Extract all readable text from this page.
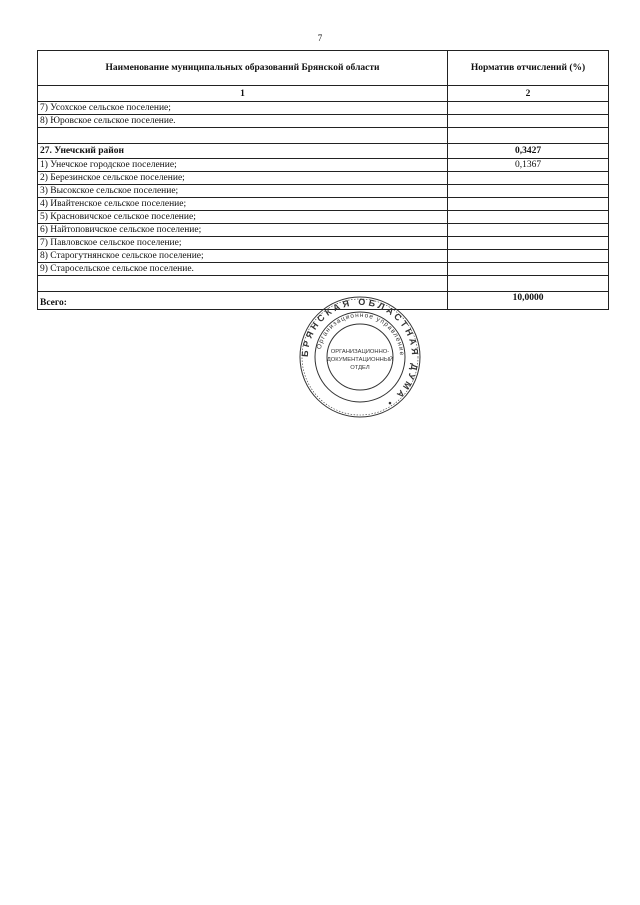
7
Наименование муниципальных образований Брянской области	Норматив отчислений (%)
1	2
7) Усохское сельское поселение;	
8) Юровское сельское поселение.	

27. Унечский район	0,3427
1) Унечское городское поселение;	0,1367
2) Березинское сельское поселение;	
3) Высокское сельское поселение;	
4) Ивайтенское сельское поселение;	
5) Красновичское сельское поселение;	
6) Найтоповичское сельское поселение;	
7) Павловское сельское поселение;	
8) Старогутнянское сельское поселение;	
9) Старосельское сельское поселение.	

Всего:	10,0000
БРЯНСКАЯ ОБЛАСТНАЯ ДУМА •
Организационное управление
ОРГАНИЗАЦИОННО-
ДОКУМЕНТАЦИОННЫЙ
ОТДЕЛ
